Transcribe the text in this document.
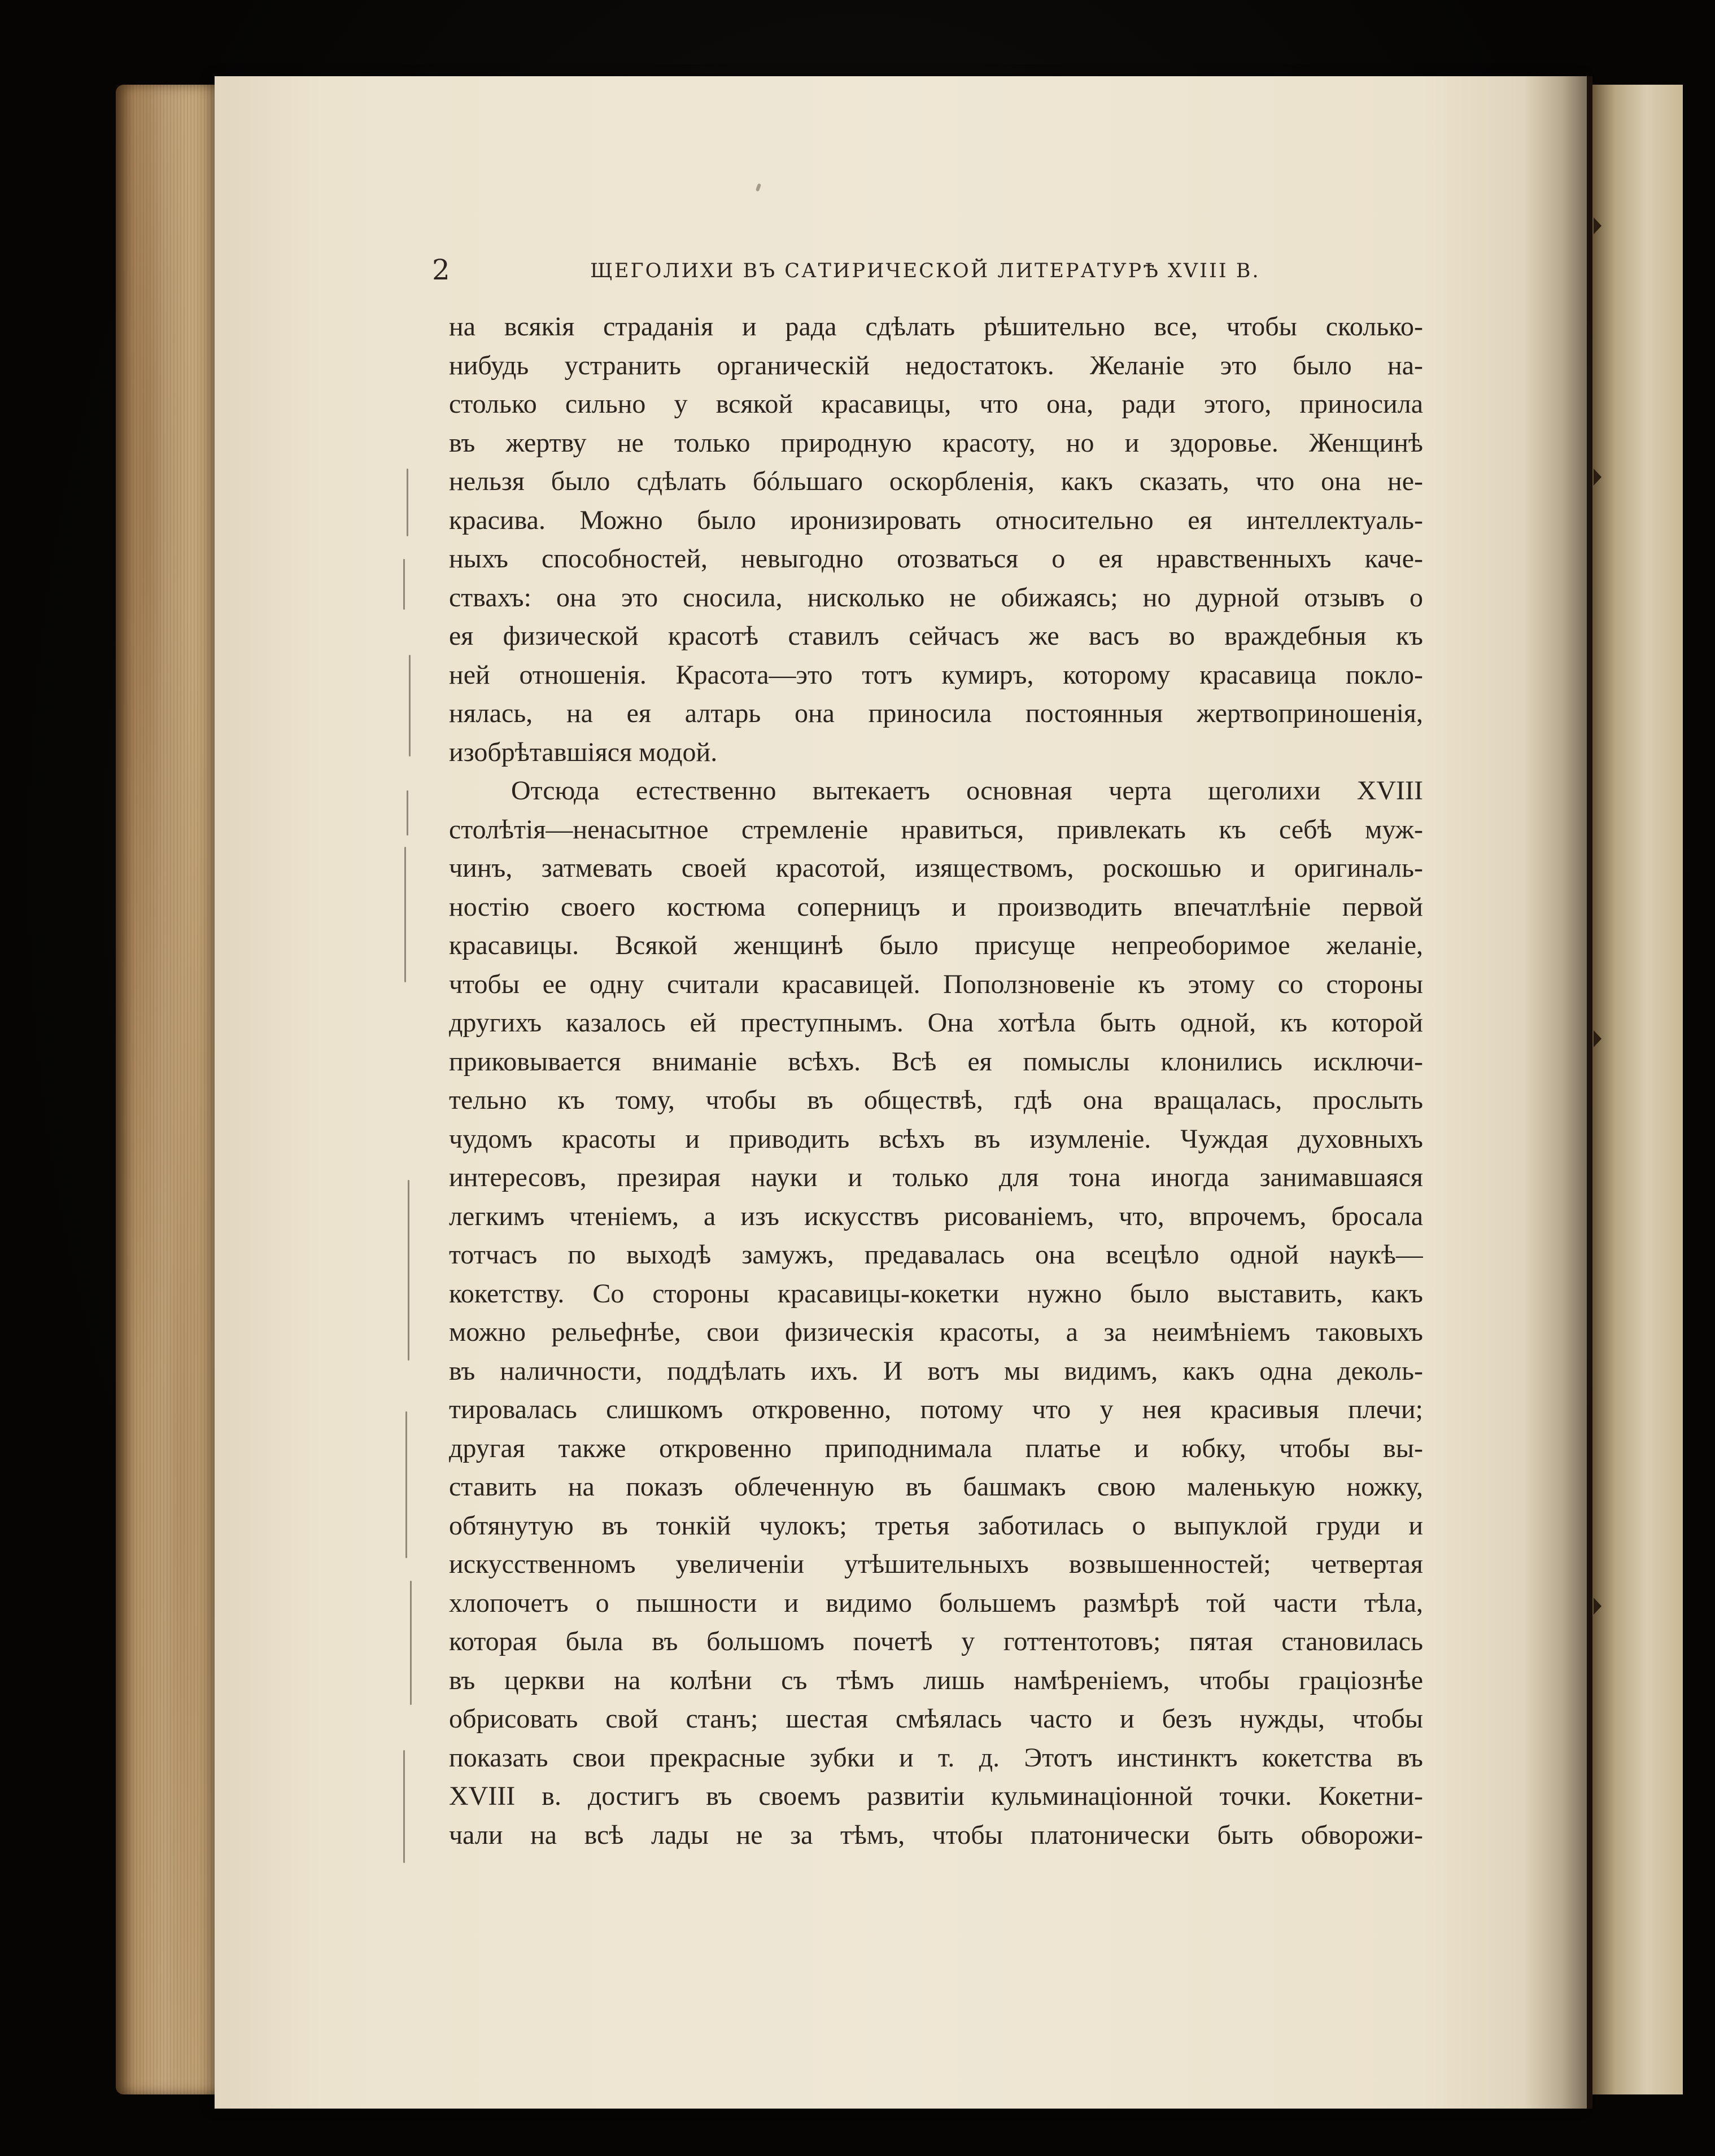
2	ЩЕГОЛИХИ ВЪ САТИРИЧЕСКОЙ ЛИТЕРАТУРѢ XVIII В.
на всякія страданія и рада сдѣлать рѣшительно все, чтобы сколько-
нибудь устранить органическій недостатокъ. Желаніе это было на-
столько сильно у всякой красавицы, что она, ради этого, приносила
въ жертву не только природную красоту, но и здоровье. Женщинѣ
нельзя было сдѣлать бóльшаго оскорбленія, какъ сказать, что она не-
красива. Можно было иронизировать относительно ея интеллектуаль-
ныхъ способностей, невыгодно отозваться о ея нравственныхъ каче-
ствахъ: она это сносила, нисколько не обижаясь; но дурной отзывъ о
ея физической красотѣ ставилъ сейчасъ же васъ во враждебныя къ
ней отношенія. Красота—это тотъ кумиръ, которому красавица покло-
нялась, на ея алтарь она приносила постоянныя жертвоприношенія,
изобрѣтавшіяся модой.
Отсюда естественно вытекаетъ основная черта щеголихи XVIII
столѣтія—ненасытное стремленіе нравиться, привлекать къ себѣ муж-
чинъ, затмевать своей красотой, изяществомъ, роскошью и оригиналь-
ностію своего костюма соперницъ и производить впечатлѣніе первой
красавицы. Всякой женщинѣ было присуще непреоборимое желаніе,
чтобы ее одну считали красавицей. Поползновеніе къ этому со стороны
другихъ казалось ей преступнымъ. Она хотѣла быть одной, къ которой
приковывается вниманіе всѣхъ. Всѣ ея помыслы клонились исключи-
тельно къ тому, чтобы въ обществѣ, гдѣ она вращалась, прослыть
чудомъ красоты и приводить всѣхъ въ изумленіе. Чуждая духовныхъ
интересовъ, презирая науки и только для тона иногда занимавшаяся
легкимъ чтеніемъ, а изъ искусствъ рисованіемъ, что, впрочемъ, бросала
тотчасъ по выходѣ замужъ, предавалась она всецѣло одной наукѣ—
кокетству. Со стороны красавицы-кокетки нужно было выставить, какъ
можно рельефнѣе, свои физическія красоты, а за неимѣніемъ таковыхъ
въ наличности, поддѣлать ихъ. И вотъ мы видимъ, какъ одна деколь-
тировалась слишкомъ откровенно, потому что у нея красивыя плечи;
другая также откровенно приподнимала платье и юбку, чтобы вы-
ставить на показъ облеченную въ башмакъ свою маленькую ножку,
обтянутую въ тонкій чулокъ; третья заботилась о выпуклой груди и
искусственномъ увеличеніи утѣшительныхъ возвышенностей; четвертая
хлопочетъ о пышности и видимо большемъ размѣрѣ той части тѣла,
которая была въ большомъ почетѣ у готтентотовъ; пятая становилась
въ церкви на колѣни съ тѣмъ лишь намѣреніемъ, чтобы граціознѣе
обрисовать свой станъ; шестая смѣялась часто и безъ нужды, чтобы
показать свои прекрасные зубки и т. д. Этотъ инстинктъ кокетства въ
XVIII в. достигъ въ своемъ развитіи кульминаціонной точки. Кокетни-
чали на всѣ лады не за тѣмъ, чтобы платонически быть обворожи-
